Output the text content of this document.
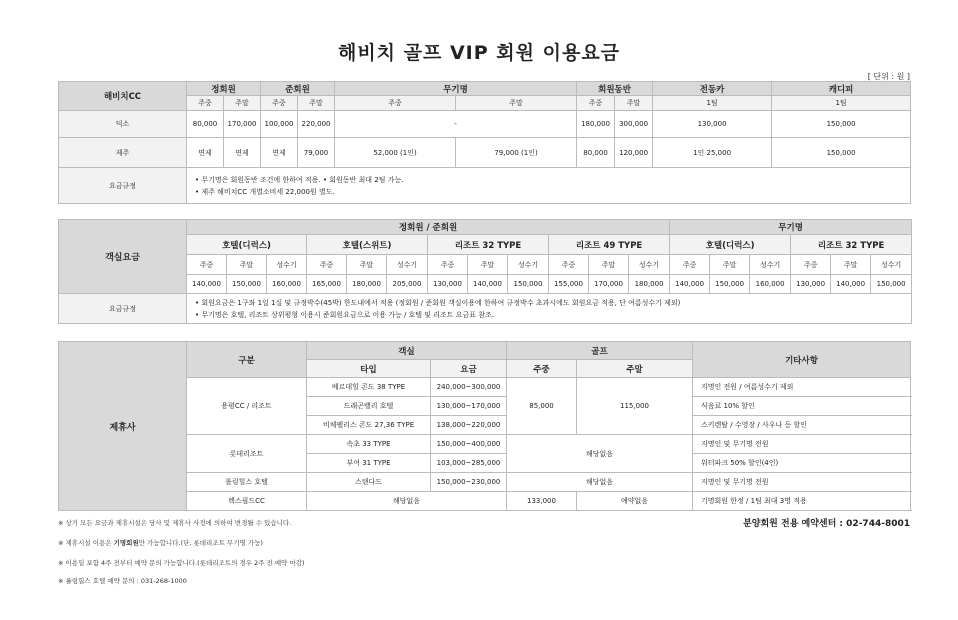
해비치 골프 VIP 회원 이용요금
[ 단위 : 원 ]
해비치CC	정회원		준회원		무기명		회원동반		전동카	캐디피
	주중	주말	주중	주말	주중	주말	주중	주말	1팀	1팀
덕소	80,000	170,000	100,000	220,000	-		180,000	300,000	130,000	150,000
제주	면제	면제	면제	79,000	52,000 (1인)	79,000 (1인)	80,000	120,000	1인 25,000	150,000
요금규정	• 무기명은 회원동반 조건에 한하여 적용. • 회원동반 최대 2팀 가능.
• 제주 해비치CC 개별소비세 22,000원 별도.									
객실요금	정회원 / 준회원												무기명					
	호텔(디럭스)			호텔(스위트)			리조트 32 TYPE			리조트 49 TYPE			호텔(디럭스)			리조트 32 TYPE		
	주중	주말	성수기	주중	주말	성수기	주중	주말	성수기	주중	주말	성수기	주중	주말	성수기	주중	주말	성수기
	140,000	150,000	160,000	165,000	180,000	205,000	130,000	140,000	150,000	155,000	170,000	180,000	140,000	150,000	160,000	130,000	140,000	150,000
요금규정	• 회원요금은 1구좌 1일 1실 및 규정박수(45박) 한도내에서 적용 (정회원 / 준회원 객실이용에 한하여 규정박수 초과시에도 회원요금 적용, 단 여름성수기 제외)
• 무기명은 호텔, 리조트 상위평형 이용시 준회원요금으로 이용 가능 / 호텔 및 리조트 요금표 참조.																	
제휴사	구분	객실		골프		기타사항
		타입	요금	주중	주말	
	용평CC / 리조트	베르데힐 콘도 38 TYPE	240,000~300,000	85,000	115,000	지명인 전원 / 여름성수기 제외
		드래곤밸리 호텔	130,000~170,000			식음료 10% 할인
		비체펠리스 콘도 27,36 TYPE	138,000~220,000			스키렌탈 / 수영장 / 사우나 등 할인
	롯데리조트	속초 33 TYPE	150,000~400,000	해당없음		지명인 및 무기명 전원
		부여 31 TYPE	103,000~285,000			워터파크 50% 할인(4인)
	롤링힐스 호텔	스탠다드	150,000~230,000	해당없음		지명인 및 무기명 전원
	렉스필드CC	해당없음		133,000	예약없음	기명회원 한정 / 1팀 최대 3명 적용
분양회원 전용 예약센터 : 02-744-8001
※ 상기 모든 요금과 제휴시설은 당사 및 제휴사 사정에 의하여 변경될 수 있습니다.
※ 제휴시설 이용은 기명회원만 가능합니다.(단, 롯데리조트 무기명 가능)
※ 이용일 포함 4주 전부터 예약 문의 가능합니다.(롯데리조트의 경우 2주 전 예약 마감)
※ 롤링힐스 호텔 예약 문의 : 031-268-1000
